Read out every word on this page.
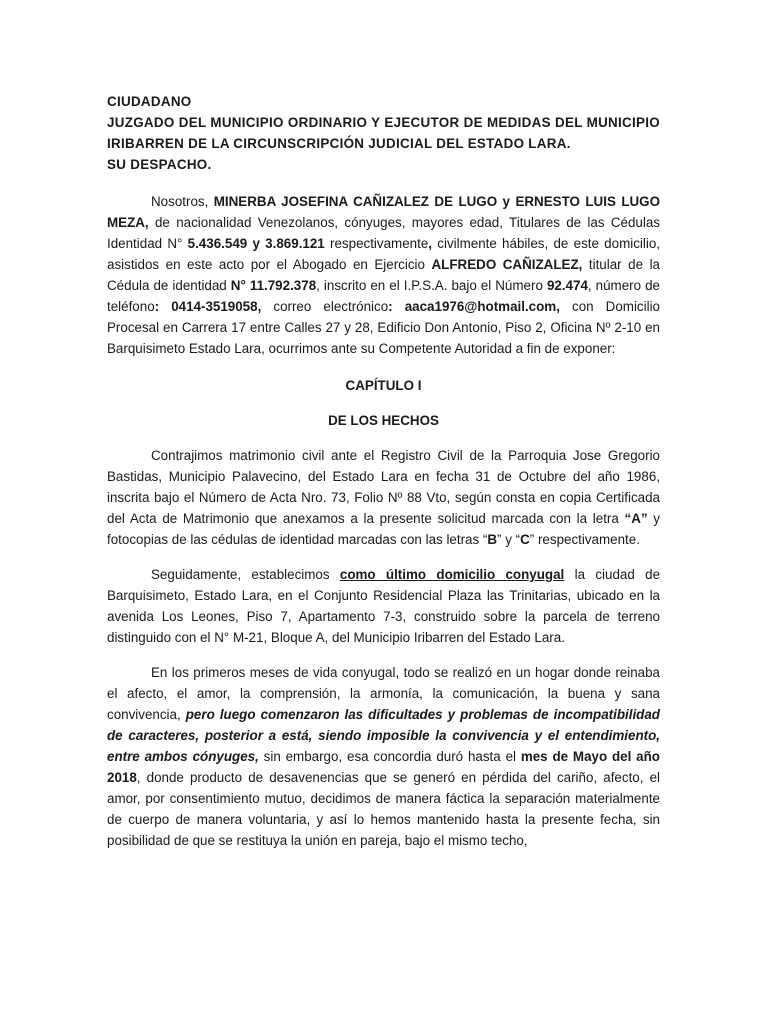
CIUDADANO
JUZGADO DEL MUNICIPIO ORDINARIO Y EJECUTOR DE MEDIDAS DEL MUNICIPIO IRIBARREN DE LA CIRCUNSCRIPCIÓN JUDICIAL DEL ESTADO LARA.
SU DESPACHO.

Nosotros, MINERBA JOSEFINA CAÑIZALEZ DE LUGO y ERNESTO LUIS LUGO MEZA, de nacionalidad Venezolanos, cónyuges, mayores edad, Titulares de las Cédulas Identidad N° 5.436.549 y 3.869.121 respectivamente, civilmente hábiles, de este domicilio, asistidos en este acto por el Abogado en Ejercicio ALFREDO CAÑIZALEZ, titular de la Cédula de identidad N° 11.792.378, inscrito en el I.P.S.A. bajo el Número 92.474, número de teléfono: 0414-3519058, correo electrónico: aaca1976@hotmail.com, con Domicilio Procesal en Carrera 17 entre Calles 27 y 28, Edificio Don Antonio, Piso 2, Oficina Nº 2-10 en Barquisimeto Estado Lara, ocurrimos ante su Competente Autoridad a fin de exponer:

CAPÍTULO I

DE LOS HECHOS

Contrajimos matrimonio civil ante el Registro Civil de la Parroquia Jose Gregorio Bastidas, Municipio Palavecino, del Estado Lara en fecha 31 de Octubre del año 1986, inscrita bajo el Número de Acta Nro. 73, Folio Nº 88 Vto, según consta en copia Certificada del Acta de Matrimonio que anexamos a la presente solicitud marcada con la letra “A” y fotocopias de las cédulas de identidad marcadas con las letras “B” y “C” respectivamente.

Seguidamente, establecimos como último domicilio conyugal la ciudad de Barquisimeto, Estado Lara, en el Conjunto Residencial Plaza las Trinitarias, ubicado en la avenida Los Leones, Piso 7, Apartamento 7-3, construido sobre la parcela de terreno distinguido con el N° M-21, Bloque A, del Municipio Iribarren del Estado Lara.

En los primeros meses de vida conyugal, todo se realizó en un hogar donde reinaba el afecto, el amor, la comprensión, la armonía, la comunicación, la buena y sana convivencia, pero luego comenzaron las dificultades y problemas de incompatibilidad de caracteres, posterior a está, siendo imposible la convivencia y el entendimiento, entre ambos cónyuges, sin embargo, esa concordia duró hasta el mes de Mayo del año 2018, donde producto de desavenencias que se generó en pérdida del cariño, afecto, el amor, por consentimiento mutuo, decidimos de manera fáctica la separación materialmente de cuerpo de manera voluntaria, y así lo hemos mantenido hasta la presente fecha, sin posibilidad de que se restituya la unión en pareja, bajo el mismo techo,
